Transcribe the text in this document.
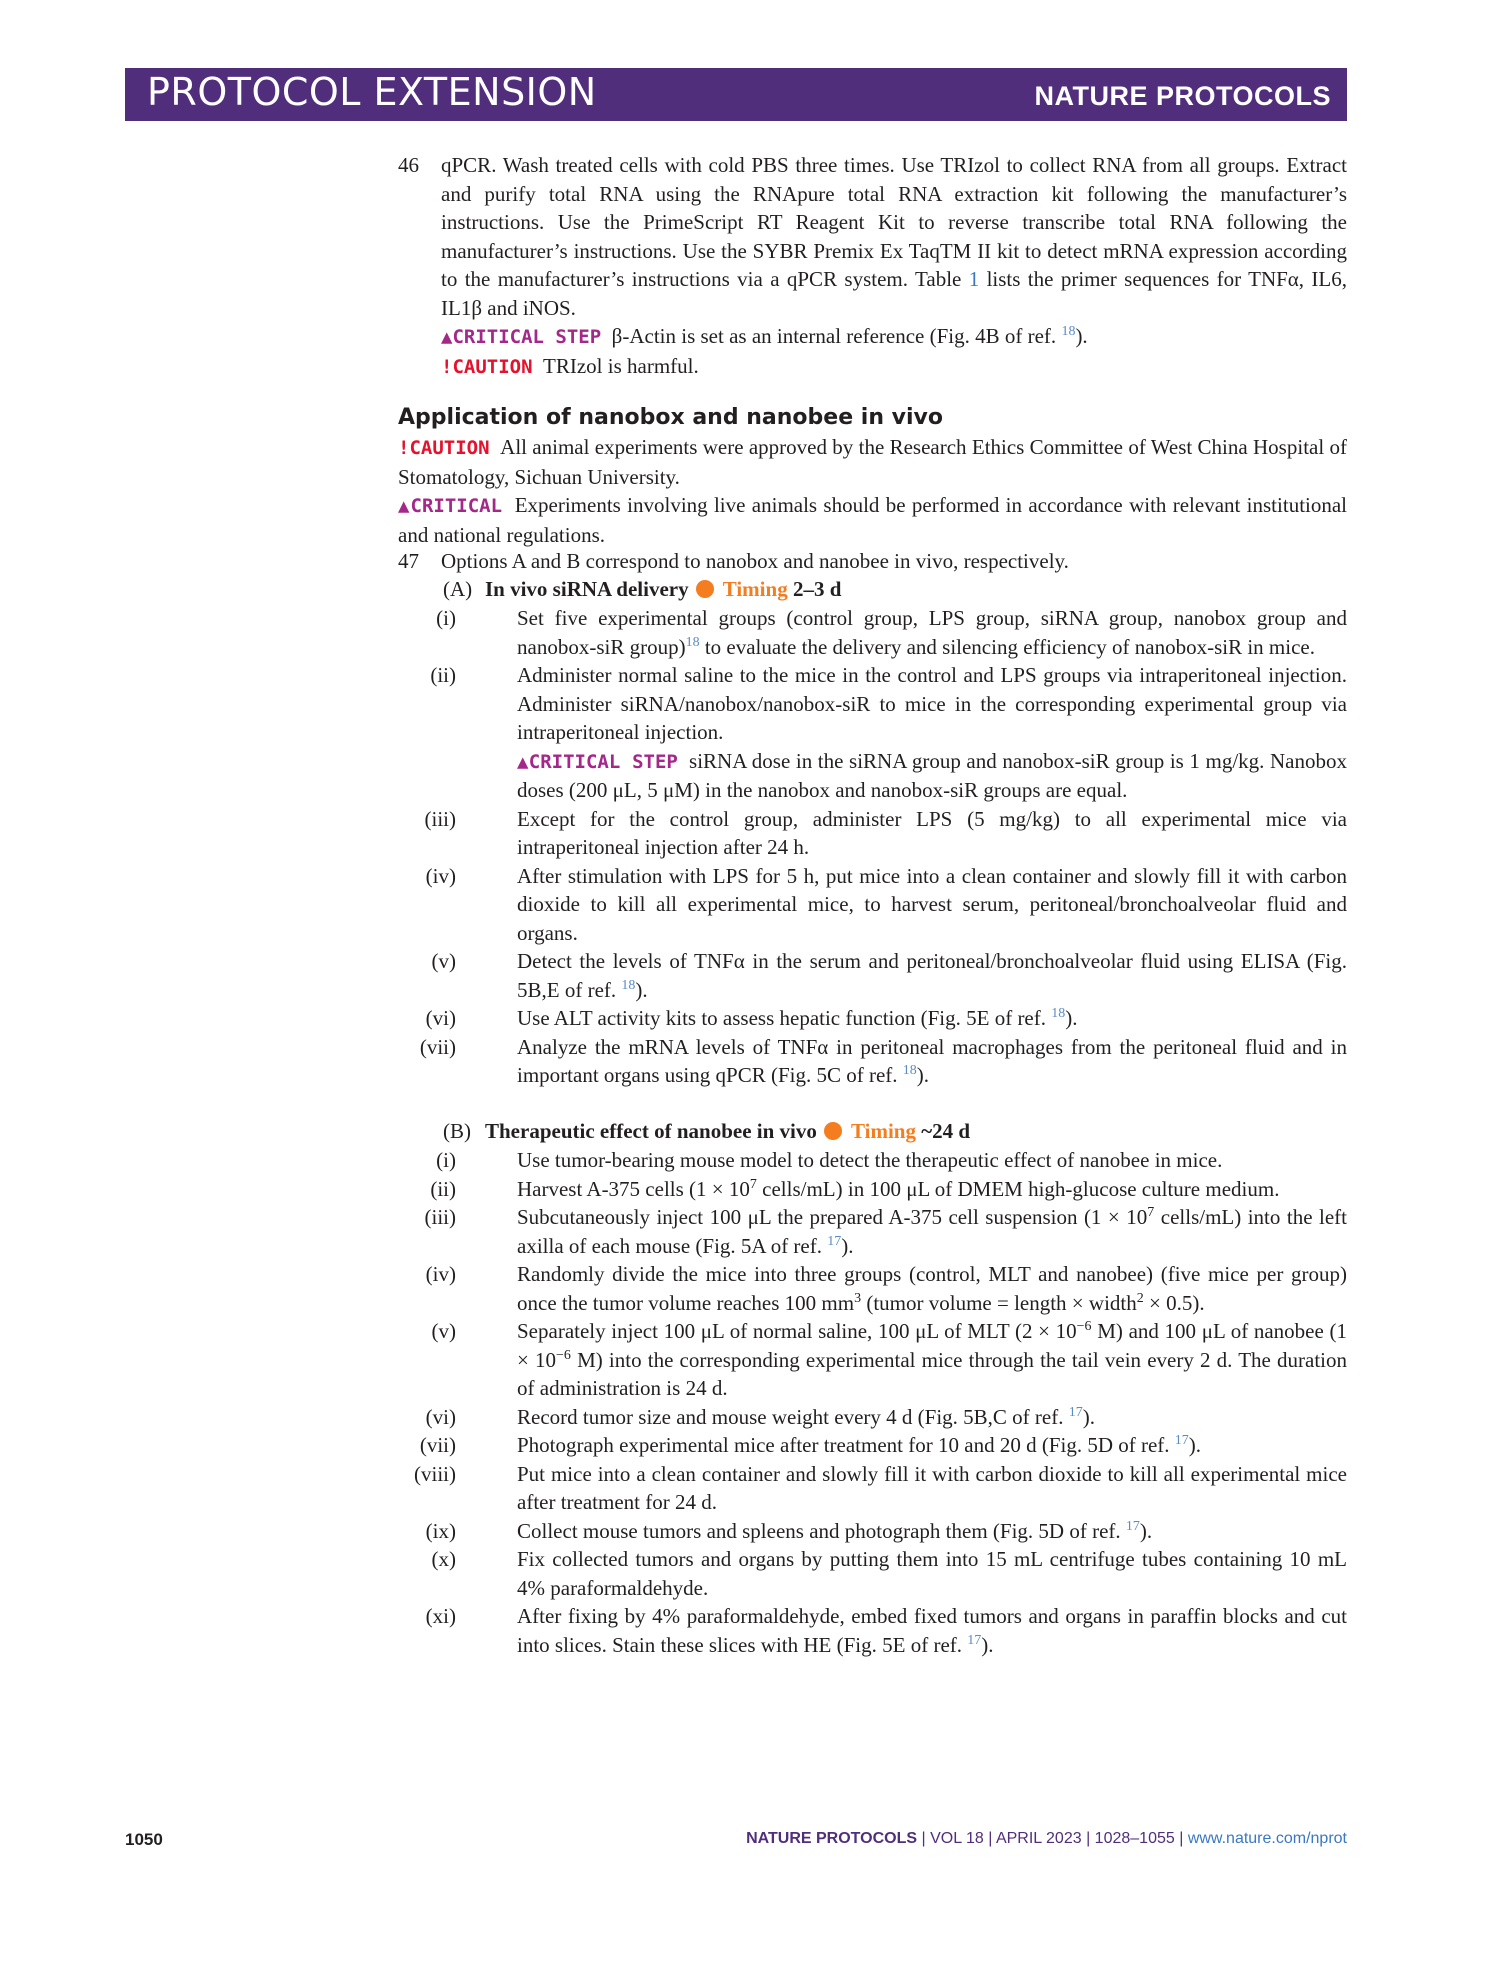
PROTOCOL EXTENSION	NATURE PROTOCOLS
46 qPCR. Wash treated cells with cold PBS three times. Use TRIzol to collect RNA from all groups. Extract and purify total RNA using the RNApure total RNA extraction kit following the manufacturer’s instructions. Use the PrimeScript RT Reagent Kit to reverse transcribe total RNA following the manufacturer’s instructions. Use the SYBR Premix Ex TaqTM II kit to detect mRNA expression according to the manufacturer’s instructions via a qPCR system. Table 1 lists the primer sequences for TNFα, IL6, IL1β and iNOS.
▲CRITICAL STEP β-Actin is set as an internal reference (Fig. 4B of ref. $^{18}$).
!CAUTION TRIzol is harmful.
Application of nanobox and nanobee in vivo
!CAUTION All animal experiments were approved by the Research Ethics Committee of West China Hospital of Stomatology, Sichuan University.
▲CRITICAL Experiments involving live animals should be performed in accordance with relevant institutional and national regulations.
47 Options A and B correspond to nanobox and nanobee in vivo, respectively.
(A) In vivo siRNA delivery Timing 2–3 d
(i)	Set five experimental groups (control group, LPS group, siRNA group, nanobox group and nanobox-siR group)$^{18}$ to evaluate the delivery and silencing efficiency of nanobox-siR in mice.
(ii)	Administer normal saline to the mice in the control and LPS groups via intraperitoneal injection. Administer siRNA/nanobox/nanobox-siR to mice in the corresponding experimental group via intraperitoneal injection.
▲CRITICAL STEP siRNA dose in the siRNA group and nanobox-siR group is 1 mg/kg. Nanobox doses (200 μL, 5 μM) in the nanobox and nanobox-siR groups are equal.
(iii)	Except for the control group, administer LPS (5 mg/kg) to all experimental mice via intraperitoneal injection after 24 h.
(iv)	After stimulation with LPS for 5 h, put mice into a clean container and slowly fill it with carbon dioxide to kill all experimental mice, to harvest serum, peritoneal/bronchoalveolar fluid and organs.
(v)	Detect the levels of TNFα in the serum and peritoneal/bronchoalveolar fluid using ELISA (Fig. 5B,E of ref. $^{18}$).
(vi)	Use ALT activity kits to assess hepatic function (Fig. 5E of ref. $^{18}$).
(vii)	Analyze the mRNA levels of TNFα in peritoneal macrophages from the peritoneal fluid and in important organs using qPCR (Fig. 5C of ref. $^{18}$).
(B) Therapeutic effect of nanobee in vivo Timing ~24 d
(i)	Use tumor-bearing mouse model to detect the therapeutic effect of nanobee in mice.
(ii)	Harvest A-375 cells ($1 \times 10^7$ cells/mL) in 100 μL of DMEM high-glucose culture medium.
(iii)	Subcutaneously inject 100 μL the prepared A-375 cell suspension ($1 \times 10^7$ cells/mL) into the left axilla of each mouse (Fig. 5A of ref. $^{17}$).
(iv)	Randomly divide the mice into three groups (control, MLT and nanobee) (five mice per group) once the tumor volume reaches 100 $mm^3$ (tumor volume = length × width$^2$ × 0.5).
(v)	Separately inject 100 μL of normal saline, 100 μL of MLT ($2 \times 10^{-6}$ M) and 100 μL of nanobee ($1 \times 10^{-6}$ M) into the corresponding experimental mice through the tail vein every 2 d. The duration of administration is 24 d.
(vi)	Record tumor size and mouse weight every 4 d (Fig. 5B,C of ref. $^{17}$).
(vii)	Photograph experimental mice after treatment for 10 and 20 d (Fig. 5D of ref. $^{17}$).
(viii)	Put mice into a clean container and slowly fill it with carbon dioxide to kill all experimental mice after treatment for 24 d.
(ix)	Collect mouse tumors and spleens and photograph them (Fig. 5D of ref. $^{17}$).
(x)	Fix collected tumors and organs by putting them into 15 mL centrifuge tubes containing 10 mL 4% paraformaldehyde.
(xi)	After fixing by 4% paraformaldehyde, embed fixed tumors and organs in paraffin blocks and cut into slices. Stain these slices with HE (Fig. 5E of ref. $^{17}$).
1050	NATURE PROTOCOLS | VOL 18 | APRIL 2023 | 1028–1055 | www.nature.com/nprot
